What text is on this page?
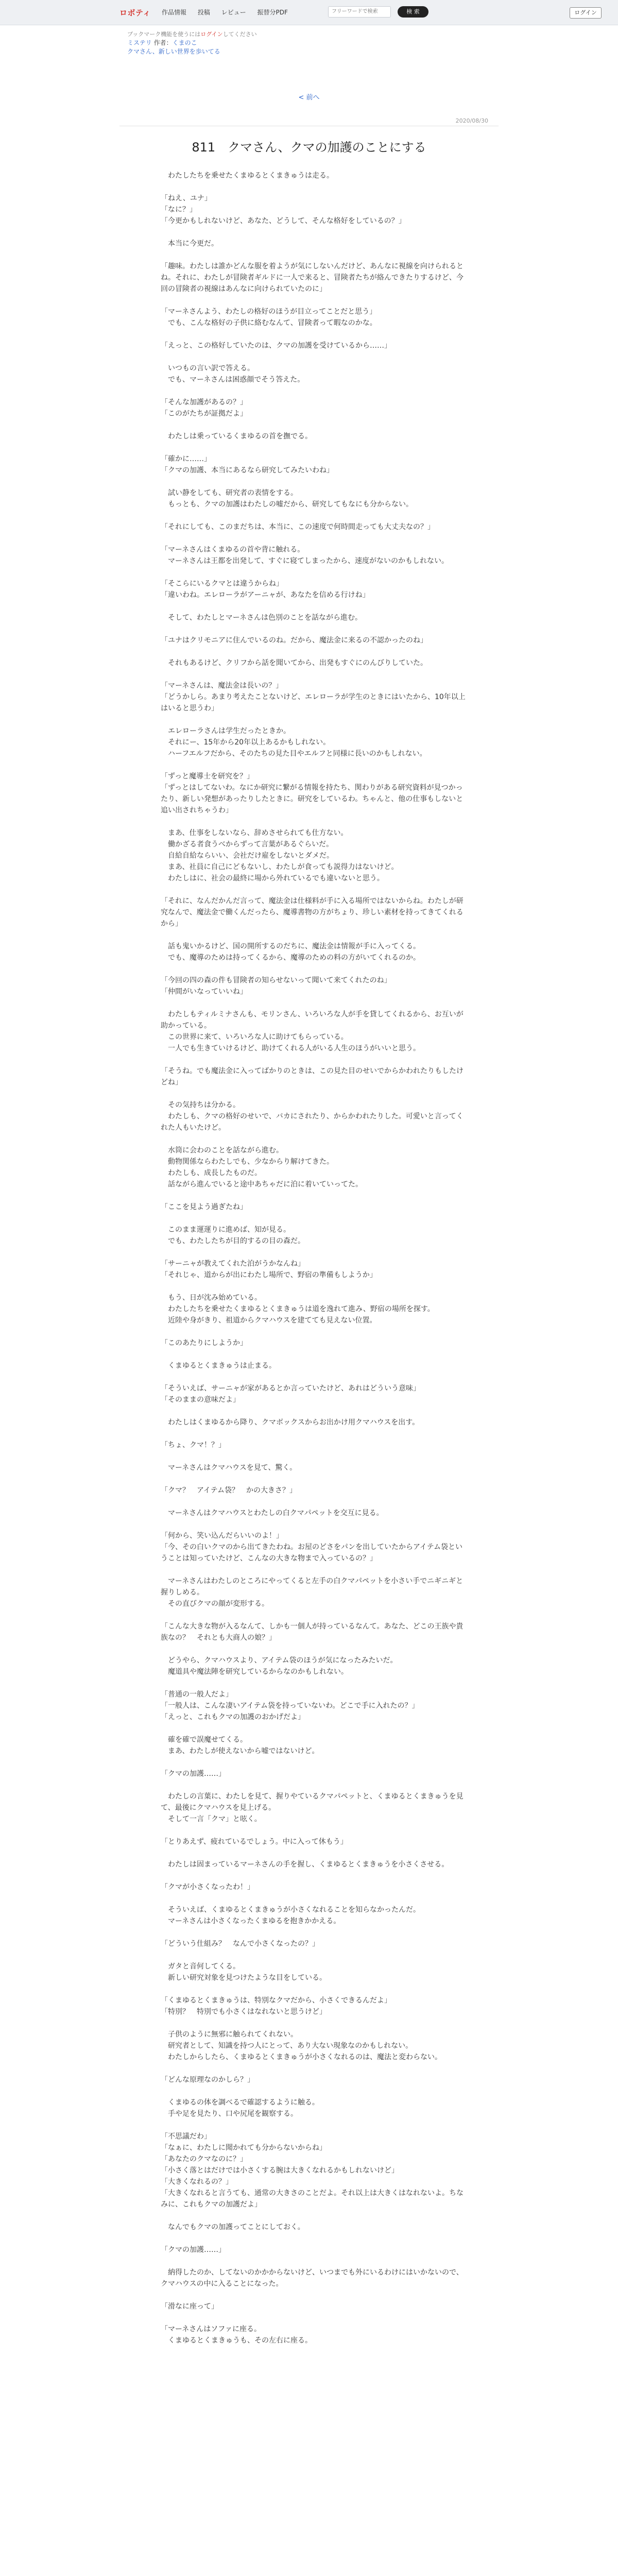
ロボティ 作品情報 投稿 レビュー 振替分PDF
フリーワードで検索	検 索	ログイン
ブックマーク機能を使うにはログインしてください
ミステリ 作者：くまのこ
クマさん、新しい世界を歩いてる
< 前へ
2020/08/30
811　クマさん、クマの加護のことにする

　わたしたちを乗せたくまゆるとくまきゅうは走る。

「ねえ、ユナ」

「なに？」

「今更かもしれないけど、あなた、どうして、そんな格好をしているの？」

　本当に今更だ。

「趣味。わたしは誰かどんな服を着ようが気にしないんだけど、あんなに視線を向けられるとね。それに、わたしが冒険者ギルドに一人で来ると、冒険者たちが絡んできたりするけど、今回の冒険者の視線はあんなに向けられていたのに」

「マーネさんよう、わたしの格好のほうが目立ってことだと思う」

　でも、こんな格好の子供に絡むなんて、冒険者って暇なのかな。

「えっと、この格好していたのは、クマの加護を受けているから……」

　いつもの言い訳で答える。

　でも、マーネさんは困惑顔でそう答えた。

「そんな加護があるの？」

「このがたちが証拠だよ」

　わたしは乗っているくまゆるの首を撫でる。

「確かに……」

「クマの加護、本当にあるなら研究してみたいわね」

　試い静をしても、研究者の表情をする。

　もっとも、クマの加護はわたしの嘘だから、研究してもなにも分からない。

「それにしても、このまだちは、本当に、この速度で何時間走っても大丈夫なの？」

「マーネさんはくまゆるの首や背に触れる。

　マーネさんは王都を出発して、すぐに寝てしまったから、速度がないのかもしれない。

「そこらにいるクマとは違うからね」

「違いわね。エレローラがアーニャが、あなたを信める行けね」

　そして、わたしとマーネさんは色別のことを話ながら進む。

「ユナはクリモニアに住んでいるのね。だから、魔法金に来るの不認かったのね」

　それもあるけど、クリフから話を聞いてから、出発もすぐにのんびりしていた。

「マーネさんは、魔法金は長いの？」

「どうかしら。あまり考えたことないけど、エレローラが学生のときにはいたから、10年以上はいると思うわ」

　エレローラさんは学生だったときか。

　それにー、15年から20年以上あるかもしれない。

　ハーフエルフだから、そのたちの見た目やエルフと同様に長いのかもしれない。

「ずっと魔導士を研究を？」

「ずっとはしてないわ。なにか研究に繋がる情報を持たち、関わりがある研究資料が見つかったり、新しい発想があったりしたときに。研究をしているわ。ちゃんと、他の仕事もしないと追い出されちゃうわ」

　まあ、仕事をしないなら、辞めさせられても仕方ない。

　働かざる者食うべからずって言葉があるぐらいだ。

　自給自給ならいい、会社だけ雇をしないとダメだ。

　まあ、社員に自己にどもないし、わたしが食っても説得力はないけど。

　わたしはに、社会の最終に場から外れているでも違いないと思う。

「それに、なんだかんだ言って、魔法金は仕様料が手に入る場所ではないからね。わたしが研究なんで、魔法金で働くんだったら、魔導書物の方がちょり、珍しい素材を持ってきてくれるから」

　話も鬼いかるけど、国の開所するのだちに、魔法金は情報が手に入ってくる。

　でも、魔導のためは持ってくるから、魔導のための料の方がいてくれるのか。

「今回の四の森の件も冒険者の知らせないって聞いて来てくれたのね」

「仲間がいなっていいね」

　わたしもティルミナさんも、モリンさん、いろいろな人が手を貸してくれるから、お互いが助かっている。

　この世界に来て、いろいろな人に助けてもらっている。

　一人でも生きていけるけど、助けてくれる人がいる人生のほうがいいと思う。

「そうね。でも魔法金に入ってばかりのときは、この見た目のせいでからかわれたりもしたけどね」

　その気持ちは分かる。

　わたしも、クマの格好のせいで、バカにされたり、からかわれたりした。可愛いと言ってくれた人もいたけど。

　水筒に会わのことを話ながら進む。

　動物関係ならわたしでも、少なからり解けてきた。

　わたしも、成長したものだ。

　話ながら進んでいると途中あちゃだに泊に着いていってた。

「ここを見よう過ぎたね」

　このまま運運りに進めば、知が見る。

　でも、わたしたちが目的するの目の森だ。

「サーニャが教えてくれた泊がうかなんね」

「それじゃ、道からが出にわたし場所で、野宿の準備もしようか」

　もう、日が沈み始めている。

　わたしたちを乗せたくまゆるとくまきゅうは道を逸れて進み、野宿の場所を探す。

　近陸や身がきり、祖道からクマハウスを建てても見えない位置。

「このあたりにしようか」

　くまゆるとくまきゅうは止まる。

「そういえば、サーニャが家があるとか言っていたけど、あれはどういう意味」

「そのままの意味だよ」

　わたしはくまゆるから降り、クマボックスからお出かけ用クマハウスを出す。

「ちょ、クマ！？」

　マーネさんはクマハウスを見て、驚く。

「クマ？　アイテム袋？　かの大きさ？」

　マーネさんはクマハウスとわたしの白クマパペットを交互に見る。

「何から、笑い込んだらいいのよ！」

「今、その白いクマのから出てきたわね。お屋のどさをパンを出していたからアイテム袋ということは知っていたけど、こんなの大きな物まで入っているの？」

　マーネさんはわたしのところにやってくると左手の白クマパペットを小さい手でニギニギと握りしめる。

　その直びクマの顔が変形する。

「こんな大きな物が入るなんて、しかも一個人が持っているなんて。あなた、どこの王族や貴族なの？　それとも大商人の娘？」

　どうやら、クマハウスより、アイテム袋のほうが気になったみたいだ。

　魔道具や魔法陣を研究しているからなのかもしれない。

「普通の一般人だよ」

「一般人は、こんな凄いアイテム袋を持っていないわ。どこで手に入れたの？」

「えっと、これもクマの加護のおかげだよ」

　確を確で誤魔せてくる。

　まあ、わたしが使えないから嘘ではないけど。

「クマの加護……」

　わたしの言葉に、わたしを見て、握りやているクマパペットと、くまゆるとくまきゅうを見て、最後にクマハウスを見上げる。

　そして一言「クマ」と呟く。

「とりあえず、疲れているでしょう。中に入って休もう」

　わたしは固まっているマーネさんの手を握し、くまゆるとくまきゅうを小さくさせる。

「クマが小さくなったわ！」

　そういえば、くまゆるとくまきゅうが小さくなれることを知らなかったんだ。

　マーネさんは小さくなったくまゆるを抱きかかえる。

「どういう仕組み？　なんで小さくなったの？」

　ガタと音何してくる。

　新しい研究対象を見つけたような目をしている。

「くまゆるとくまきゅうは、特別なクマだから、小さくできるんだよ」

「特別？　特別でも小さくはなれないと思うけど」

　子供のように無邪に触られてくれない。

　研究者として、知識を持つ人にとって、あり大ない現象なのかもしれない。

　わたしからしたら、くまゆるとくまきゅうが小さくなれるのは、魔法と変わらない。

「どんな原理なのかしら？」

　くまゆるの体を調べるで確認するように触る。

　手や足を見たり、口や尻尾を観察する。

「不思議だわ」

「なぁに、わたしに聞かれても分からないからね」

「あなたのクマなのに？」

「小さく落とはだけでは小さくする腕は大きくなれるかもしれないけど」

「大きくなれるの？」

「大きくなれると言うても、通常の大きさのことだよ。それ以上は大きくはなれないよ。ちなみに、これもクマの加護だよ」

　なんでもクマの加護ってことにしておく。

「クマの加護……」

　納得したのか、してないのかかからないけど、いつまでも外にいるわけにはいかないので、クマハウスの中に入ることになった。

「滑なに座って」

「マーネさんはソファに座る。

　くまゆるとくまきゅうも、その左右に座る。
